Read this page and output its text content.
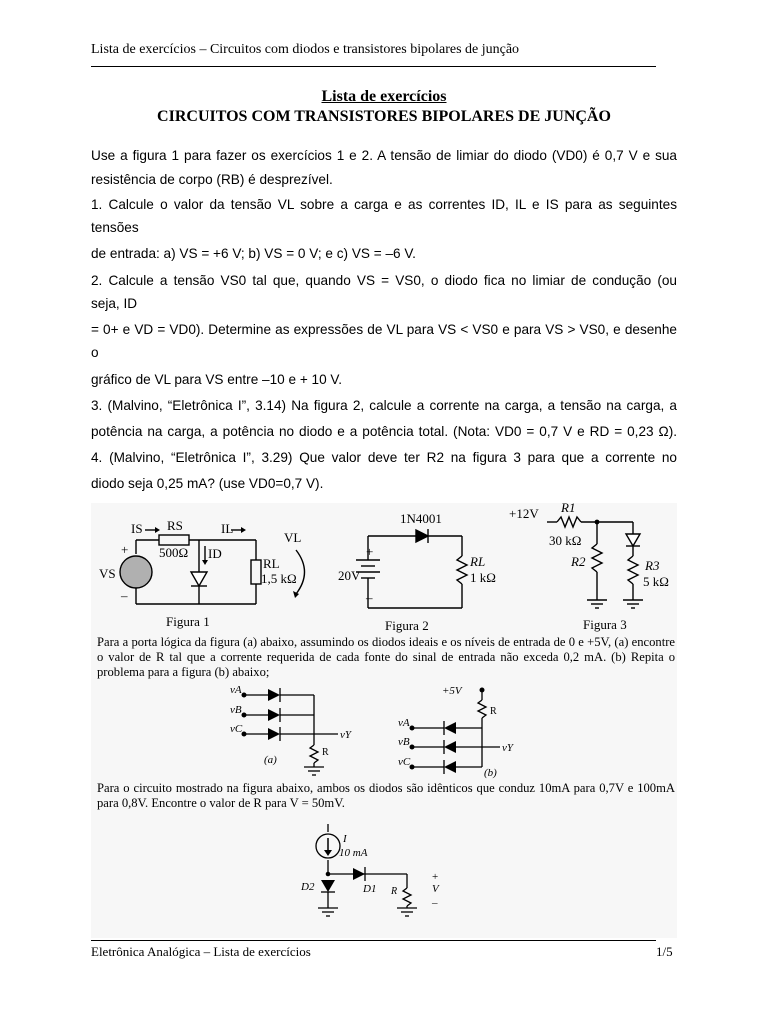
Lista de exercícios – Circuitos com diodos e transistores bipolares de junção
Lista de exercícios
CIRCUITOS COM TRANSISTORES BIPOLARES DE JUNÇÃO
Use a figura 1 para fazer os exercícios 1 e 2. A tensão de limiar do diodo (VD0) é 0,7 V e sua
resistência de corpo (RB) é desprezível.
1. Calcule o valor da tensão VL sobre a carga e as correntes ID, IL e IS para as seguintes
tensões
de entrada: a) VS = +6 V; b) VS = 0 V; e c) VS = –6 V.
2. Calcule a tensão VS0 tal que, quando VS = VS0, o diodo fica no limiar de condução (ou
seja, ID
= 0+ e VD = VD0). Determine as expressões de VL para VS < VS0 e para VS > VS0, e desenhe
o
gráfico de VL para VS entre –10 e + 10 V.
3. (Malvino, “Eletrônica I”, 3.14) Na figura 2, calcule a corrente na carga, a tensão na carga, a
potência na carga, a potência no diodo e a potência total. (Nota: VD0 = 0,7 V e RD = 0,23 Ω).
4. (Malvino, “Eletrônica I”, 3.29) Que valor deve ter R2 na figura 3 para que a corrente no
diodo seja 0,25 mA? (use VD0=0,7 V).
IS RS
500Ω
IL
VL
ID
RL
1,5 kΩ
VS
+
–
Figura 1
1N4001
20V
RL
1 kΩ
+
–
Figura 2
+12V R1
30 kΩ
R2	R3
5 kΩ
Figura 3
Para a porta lógica da figura (a) abaixo, assumindo os diodos ideais e os níveis de entrada de 0 e +5V, (a) encontre o valor de R tal que a corrente requerida de cada fonte do sinal de entrada não exceda 0,2 mA. (b) Repita o problema para a figura (b) abaixo;
vA
vB
vC	vY
R
(a)
+5V
R
vA
vB
vC
vY
(b)
Para o circuito mostrado na figura abaixo, ambos os diodos são idênticos que conduz 10mA para 0,7V e 100mA para 0,8V. Encontre o valor de R para V = 50mV.
I
10 mA
D2	D1 R
+
V
–
Eletrônica Analógica – Lista de exercícios	1/5
